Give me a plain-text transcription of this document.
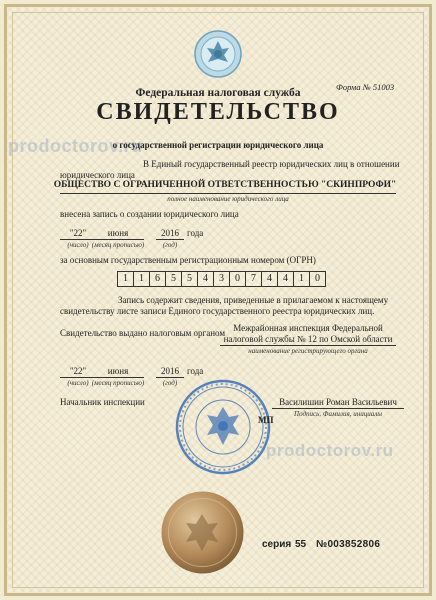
Федеральная налоговая служба	Форма № 51003
СВИДЕТЕЛЬСТВО
prodoctorov.ru
о государственной регистрации юридического лица
В Единый государственный реестр юридических лиц в отношении
юридического лица
ОБЩЕСТВО С ОГРАНИЧЕННОЙ ОТВЕТСТВЕННОСТЬЮ "СКИНПРОФИ"
полное наименование юридического лица
внесена запись о создании юридического лица
"22"
(число)
июня
(месяц прописью)
2016
(год)
года
за основным государственным регистрационным номером (ОГРН)
1	1	6	5	5	4	3	0	7	4	4	1	0
Запись содержит сведения, приведенные в прилагаемом к настоящему
свидетельству листе записи Единого государственного реестра юридических лиц.
Свидетельство выдано налоговым органом Межрайонная инспекция Федеральной
налоговой службы № 12 по Омской области
наименование регистрирующего органа
"22"
(число)
июня
(месяц прописью)
2016
(год)
года
Начальник инспекции	Василишин Роман Васильевич
Подпись, Фамилия, инициалы
МП
prodoctorov.ru
серия 55 №003852806
